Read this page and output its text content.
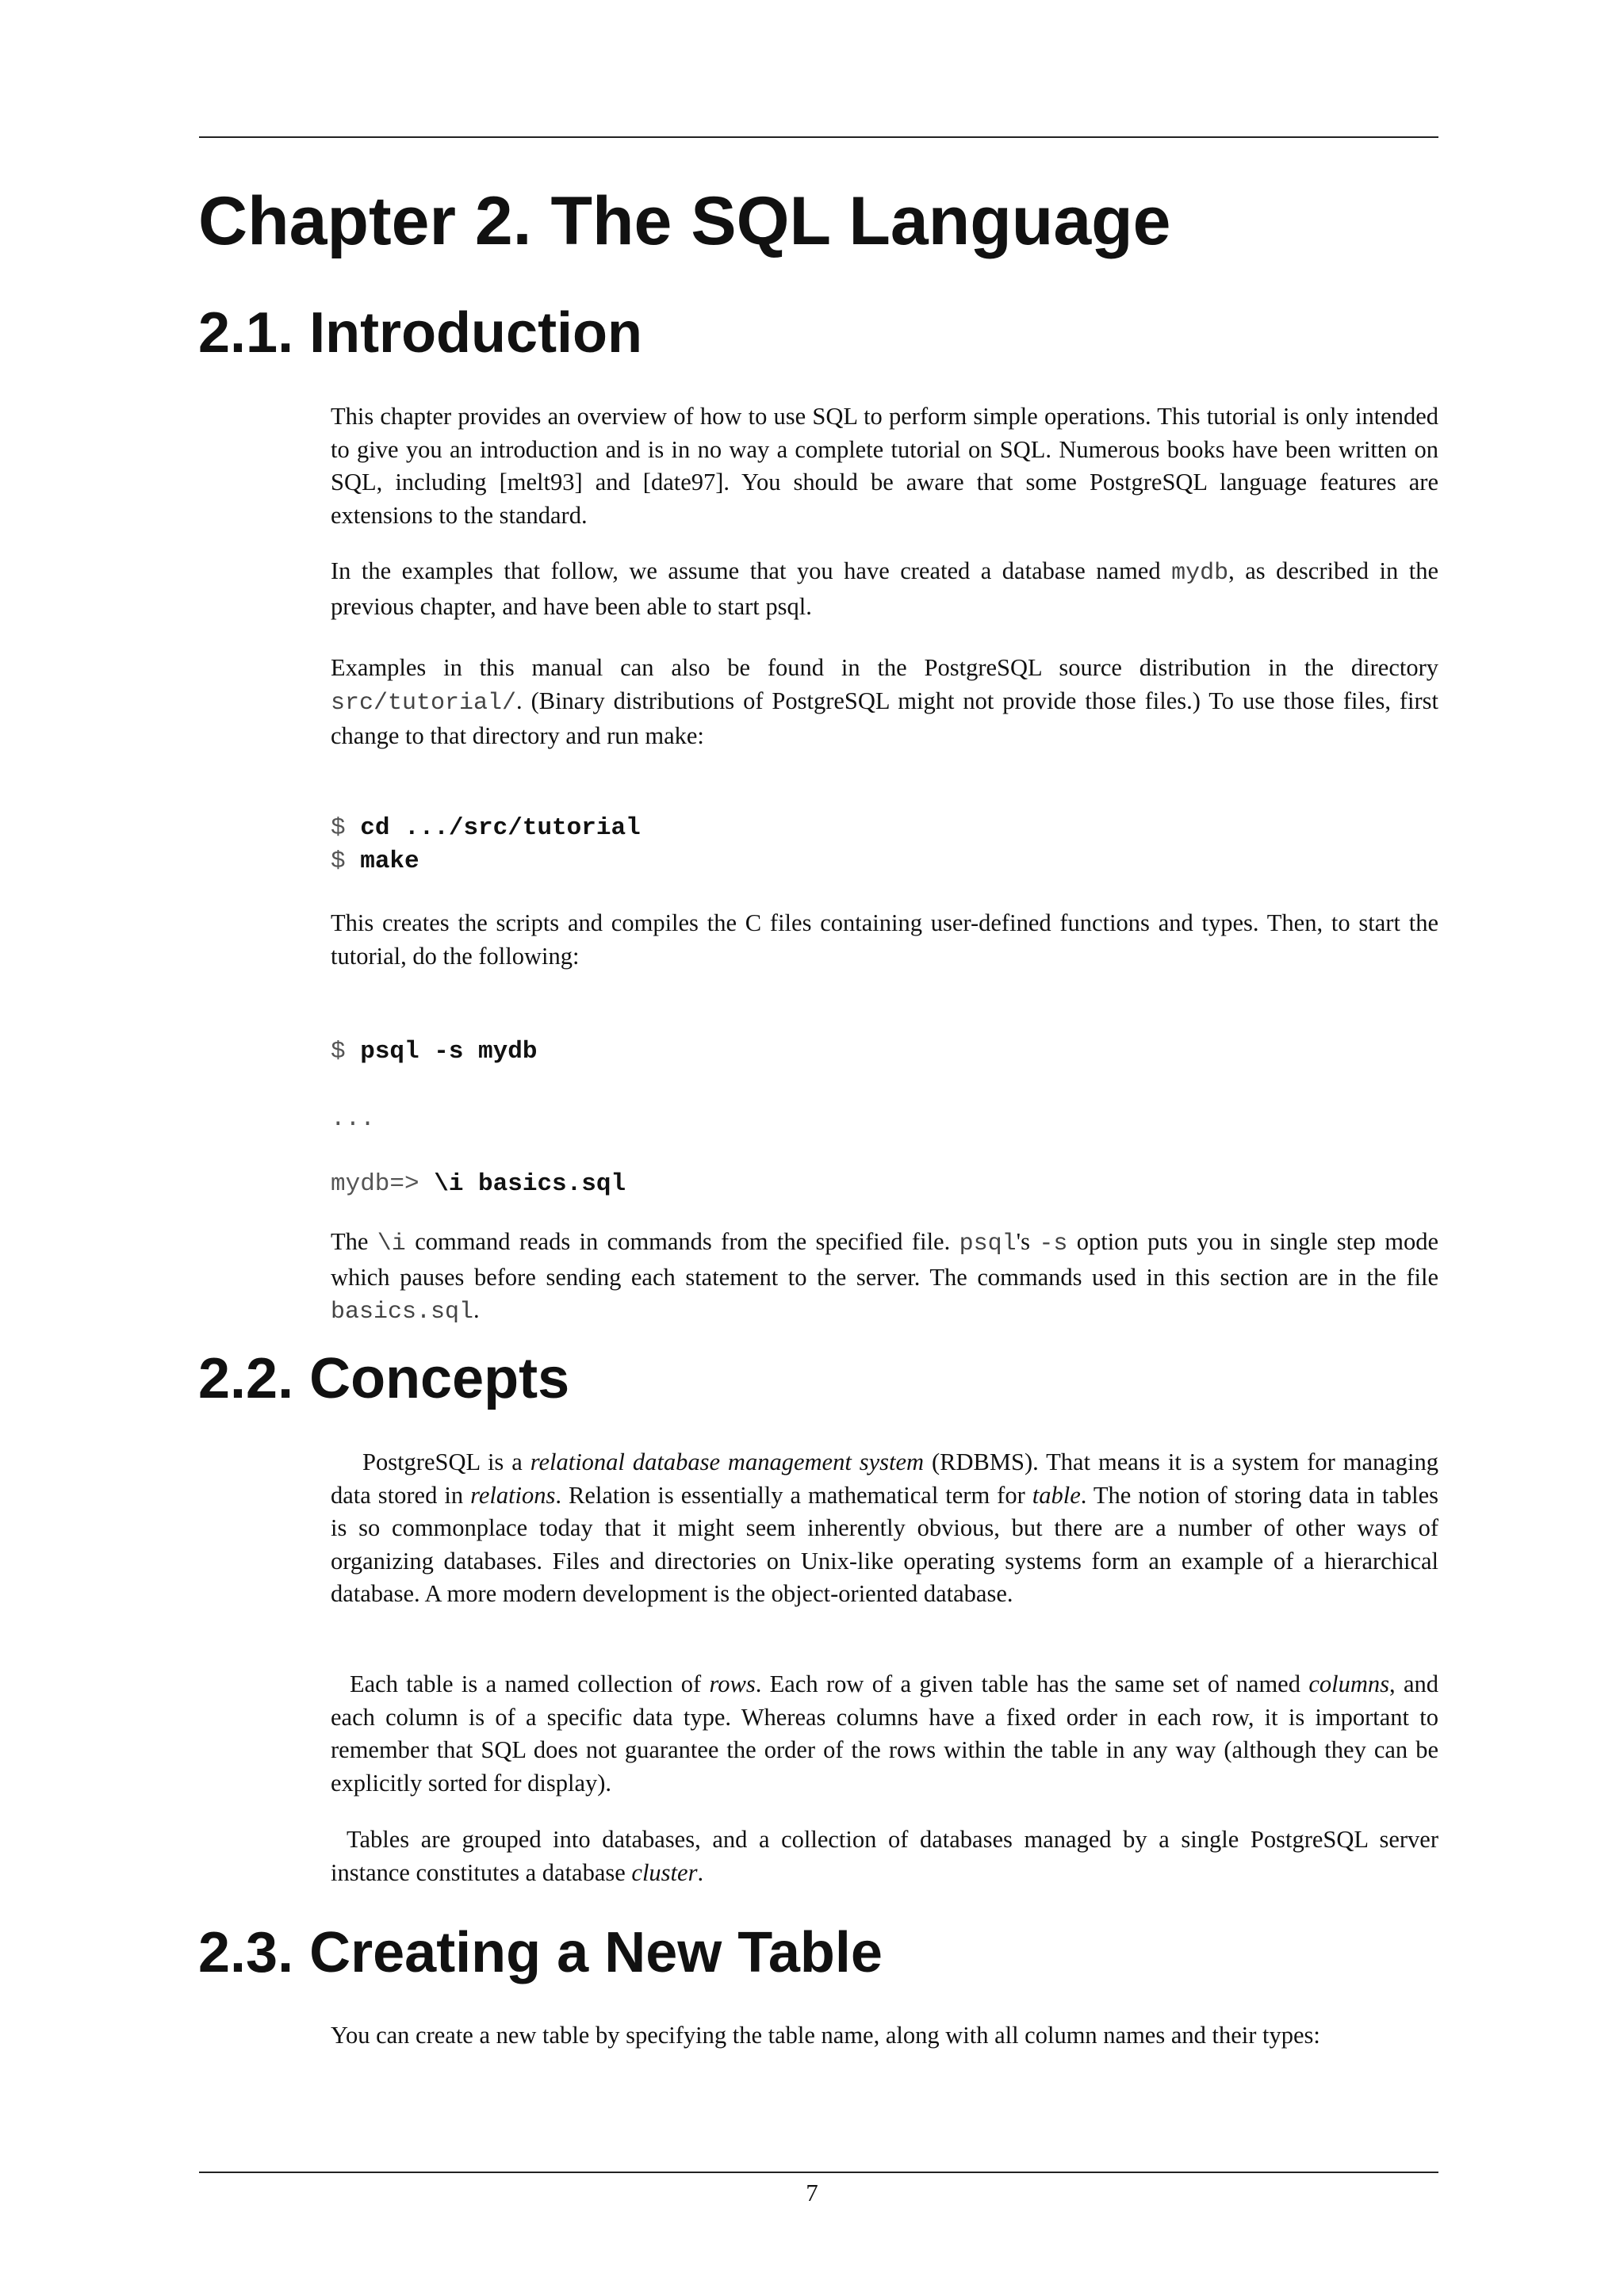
Chapter 2. The SQL Language
2.1. Introduction

This chapter provides an overview of how to use SQL to perform simple operations. This tutorial is only intended to give you an introduction and is in no way a complete tutorial on SQL. Numerous books have been written on SQL, including [melt93] and [date97]. You should be aware that some PostgreSQL language features are extensions to the standard.

In the examples that follow, we assume that you have created a database named mydb, as described in the previous chapter, and have been able to start psql.

Examples in this manual can also be found in the PostgreSQL source distribution in the directory src/tutorial/. (Binary distributions of PostgreSQL might not provide those files.) To use those files, first change to that directory and run make:

$ cd .../src/tutorial
$ make

This creates the scripts and compiles the C files containing user-defined functions and types. Then, to start the tutorial, do the following:

$ psql -s mydb
...
mydb=> \i basics.sql

The \i command reads in commands from the specified file. psql's -s option puts you in single step mode which pauses before sending each statement to the server. The commands used in this section are in the file basics.sql.

2.2. Concepts

PostgreSQL is a relational database management system (RDBMS). That means it is a system for managing data stored in relations. Relation is essentially a mathematical term for table. The notion of storing data in tables is so commonplace today that it might seem inherently obvious, but there are a number of other ways of organizing databases. Files and directories on Unix-like operating systems form an example of a hierarchical database. A more modern development is the object-oriented database.

Each table is a named collection of rows. Each row of a given table has the same set of named columns, and each column is of a specific data type. Whereas columns have a fixed order in each row, it is important to remember that SQL does not guarantee the order of the rows within the table in any way (although they can be explicitly sorted for display).

Tables are grouped into databases, and a collection of databases managed by a single PostgreSQL server instance constitutes a database cluster.

2.3. Creating a New Table

You can create a new table by specifying the table name, along with all column names and their types:

7
